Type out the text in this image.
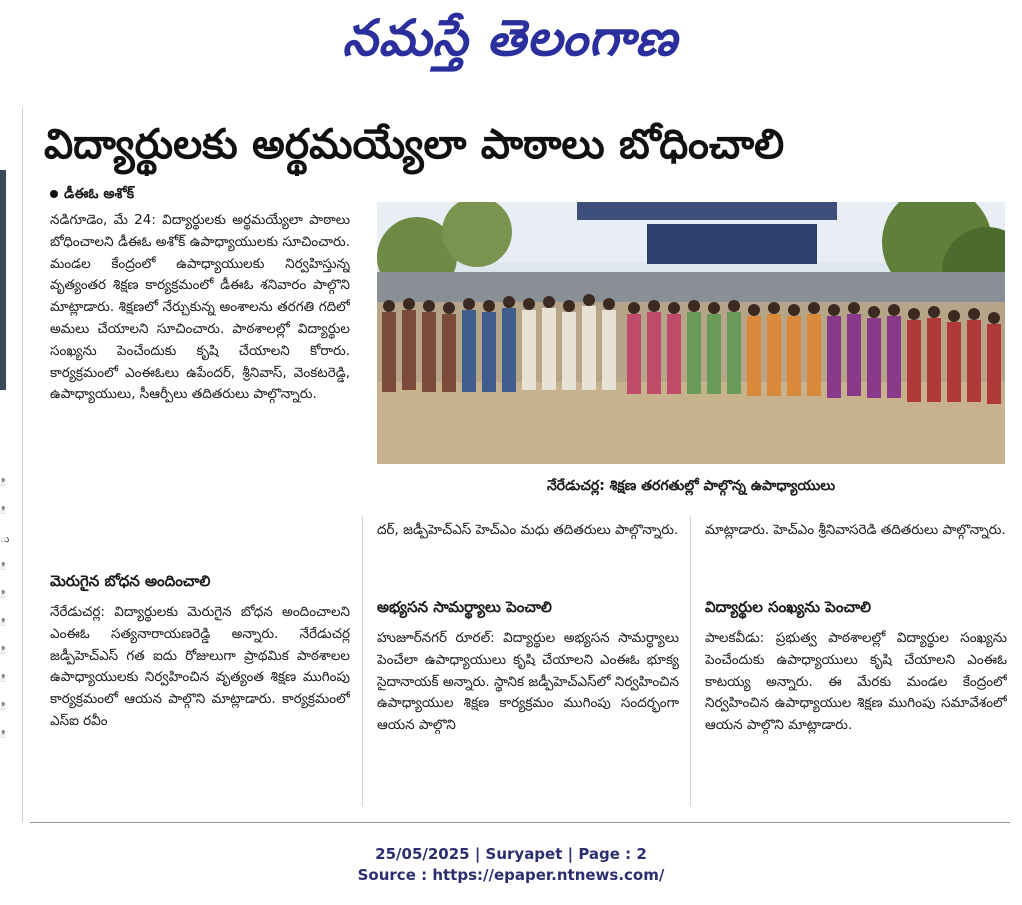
నమస్తే తెలంగాణ
ి
ి
ు
ి
ి
ి
ి
ి
ి
ి
విద్యార్థులకు అర్థమయ్యేలా పాఠాలు బోధించాలి
డీఈఓ అశోక్
నడిగూడెం, మే 24: విద్యార్థులకు అర్థమయ్యేలా పాఠాలు బోధించాలని డీఈఓ అశోక్ ఉపాధ్యాయులకు సూచించారు. మండల కేంద్రంలో ఉపాధ్యాయులకు నిర్వహిస్తున్న వృత్యంతర శిక్షణ కార్యక్రమంలో డీఈఓ శనివారం పాల్గొని మాట్లాడారు. శిక్షణలో నేర్చుకున్న అంశాలను తరగతి గదిలో అమలు చేయాలని సూచించారు. పాఠశాలల్లో విద్యార్థుల సంఖ్యను పెంచేందుకు కృషి చేయాలని కోరారు. కార్యక్రమంలో ఎంఈఓలు ఉపేందర్, శ్రీనివాస్, వెంకటరెడ్డి, ఉపాధ్యాయులు, సీఆర్పీలు తదితరులు పాల్గొన్నారు.
మెరుగైన బోధన అందించాలి
నేరేడుచర్ల: విద్యార్థులకు మెరుగైన బోధన అందించాలని ఎంఈఓ సత్యనారాయణరెడ్డి అన్నారు. నేరేడుచర్ల జడ్పీహెచ్ఎస్ గత ఐదు రోజులుగా ప్రాథమిక పాఠశాలల ఉపాధ్యాయులకు నిర్వహించిన వృత్యంత శిక్షణ ముగింపు కార్యక్రమంలో ఆయన పాల్గొని మాట్లాడారు. కార్యక్రమంలో ఎస్ఐ రవీం
నేరేడుచర్ల: శిక్షణ తరగతుల్లో పాల్గొన్న ఉపాధ్యాయులు
దర్, జడ్పీహెచ్ఎస్ హెచ్ఎం మధు తదితరులు పాల్గొన్నారు.
అభ్యసన సామర్థ్యాలు పెంచాలి
హుజూర్‌నగర్ రూరల్: విద్యార్థుల అభ్యసన సామర్థ్యాలు పెంచేలా ఉపాధ్యాయులు కృషి చేయాలని ఎంఈఓ భూక్య సైదానాయక్ అన్నారు. స్థానిక జడ్పీహెచ్ఎస్‌లో నిర్వహించిన ఉపాధ్యాయుల శిక్షణ కార్యక్రమం ముగింపు సందర్భంగా ఆయన పాల్గొని
మాట్లాడారు. హెచ్ఎం శ్రీనివాసరెడి తదితరులు పాల్గొన్నారు.
విద్యార్థుల సంఖ్యను పెంచాలి
పాలకవీడు: ప్రభుత్వ పాఠశాలల్లో విద్యార్థుల సంఖ్యను పెంచేందుకు ఉపాధ్యాయులు కృషి చేయాలని ఎంఈఓ కాటయ్య అన్నారు. ఈ మేరకు మండల కేంద్రంలో నిర్వహించిన ఉపాధ్యాయుల శిక్షణ ముగింపు సమావేశంలో ఆయన పాల్గొని మాట్లాడారు.
25/05/2025 | Suryapet | Page : 2
Source : https://epaper.ntnews.com/
